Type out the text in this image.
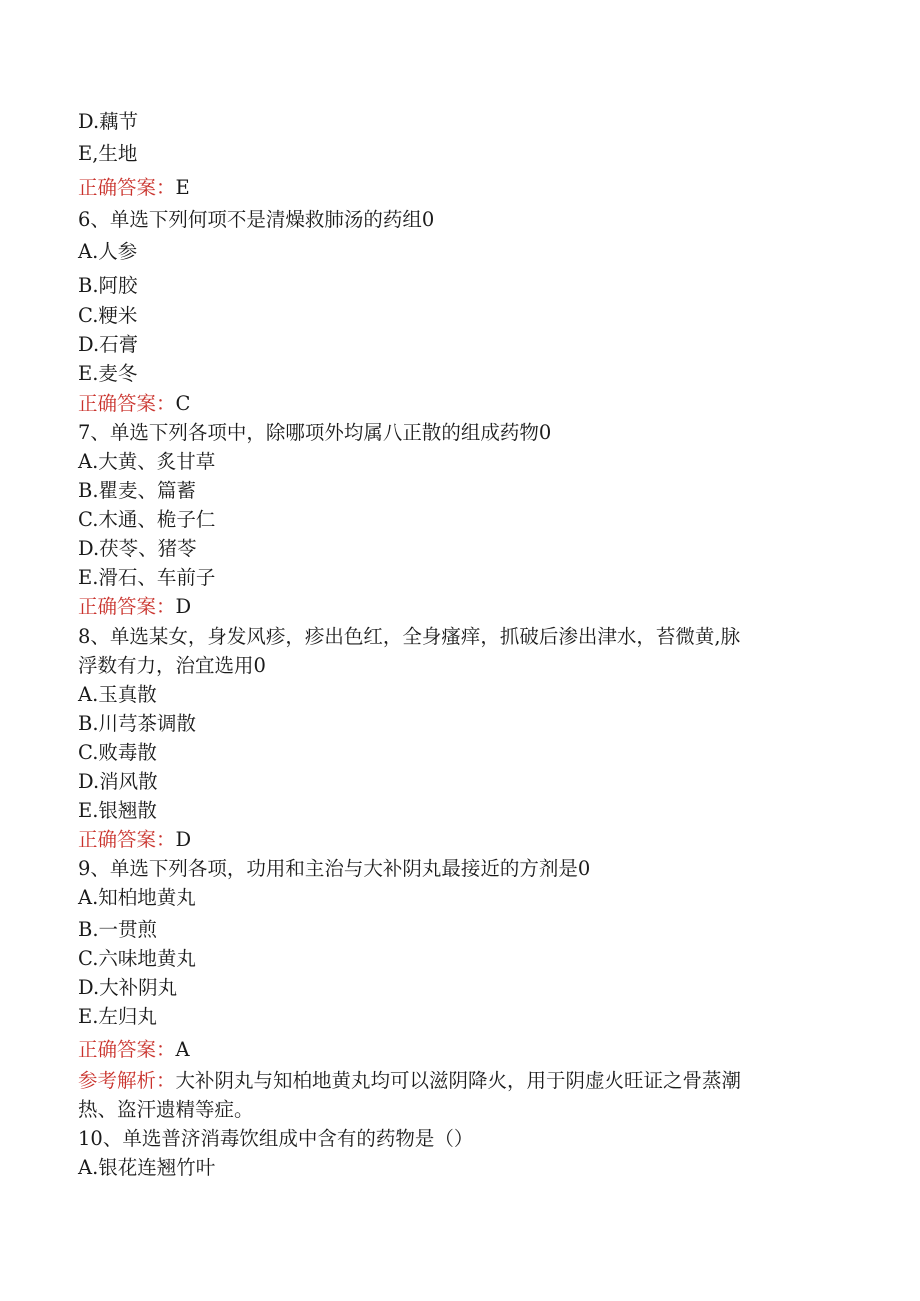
D.藕节
E,生地
正确答案：E
6、单选下列何项不是清燥救肺汤的药组0
A.人参
B.阿胶
C.粳米
D.石膏
E.麦冬
正确答案：C
7、单选下列各项中，除哪项外均属八正散的组成药物0
A.大黄、炙甘草
B.瞿麦、篇蓄
C.木通、桅子仁
D.茯苓、猪苓
E.滑石、车前子
正确答案：D
8、单选某女，身发风疹，疹出色红，全身瘙痒，抓破后渗出津水，苔微黄,脉
浮数有力，治宜选用0
A.玉真散
B.川芎茶调散
C.败毒散
D.消风散
E.银翘散
正确答案：D
9、单选下列各项，功用和主治与大补阴丸最接近的方剂是0
A.知柏地黄丸
B.一贯煎
C.六味地黄丸
D.大补阴丸
E.左归丸
正确答案：A
参考解析：大补阴丸与知柏地黄丸均可以滋阴降火，用于阴虚火旺证之骨蒸潮
热、盗汗遗精等症。
10、单选普济消毒饮组成中含有的药物是（）
A.银花连翘竹叶
